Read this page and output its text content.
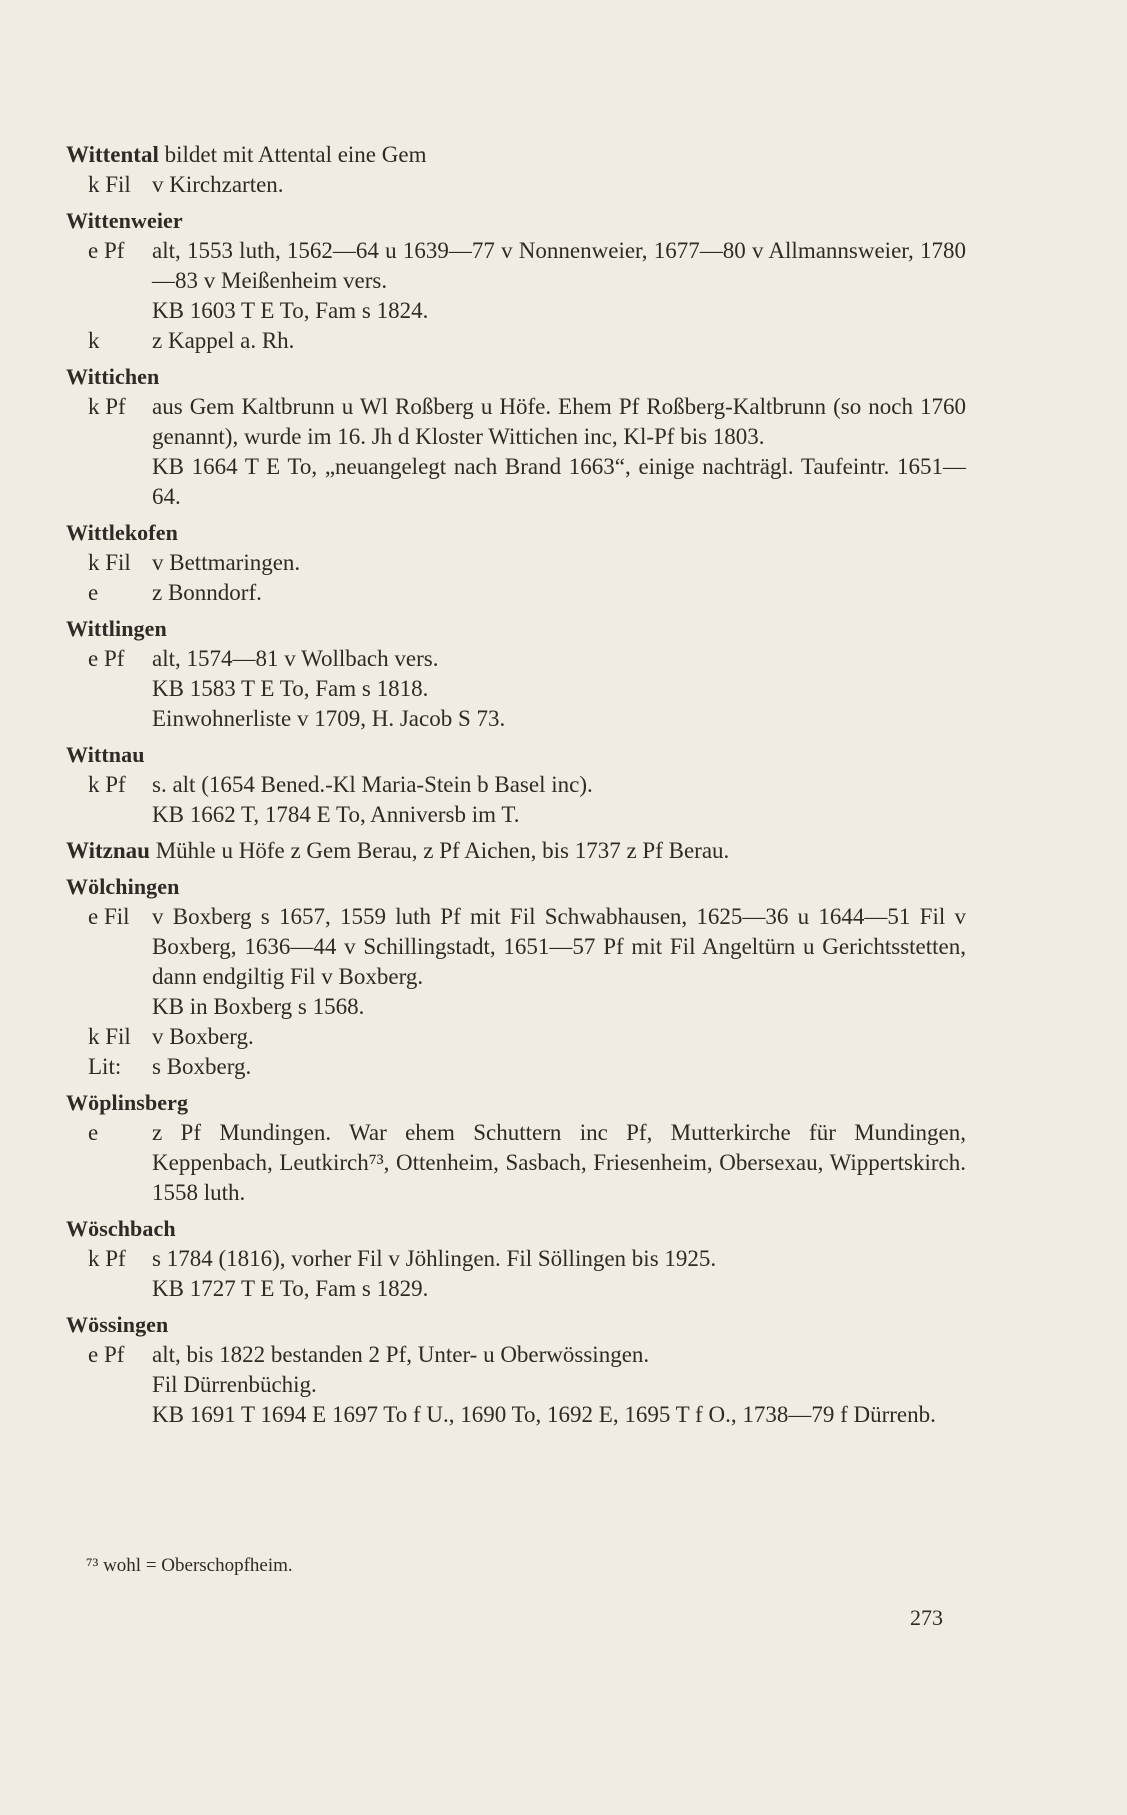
Wittental bildet mit Attental eine Gem
k Fil v Kirchzarten.
Wittenweier
e Pf	alt, 1553 luth, 1562—64 u 1639—77 v Nonnenweier, 1677—80 v Allmannsweier, 1780—83 v Meißenheim vers.
KB 1603 T E To, Fam s 1824.
k	z Kappel a. Rh.
Wittichen
k Pf	aus Gem Kaltbrunn u Wl Roßberg u Höfe. Ehem Pf Roßberg-Kaltbrunn (so noch 1760 genannt), wurde im 16. Jh d Kloster Wittichen inc, Kl-Pf bis 1803.
KB 1664 T E To, „neuangelegt nach Brand 1663“, einige nachträgl. Taufeintr. 1651—64.
Wittlekofen
k Fil v Bettmaringen.
e	z Bonndorf.
Wittlingen
e Pf	alt, 1574—81 v Wollbach vers.
KB 1583 T E To, Fam s 1818.
Einwohnerliste v 1709, H. Jacob S 73.
Wittnau
k Pf	s. alt (1654 Bened.-Kl Maria-Stein b Basel inc).
KB 1662 T, 1784 E To, Anniversb im T.
Witznau Mühle u Höfe z Gem Berau, z Pf Aichen, bis 1737 z Pf Berau.
Wölchingen
e Fil v Boxberg s 1657, 1559 luth Pf mit Fil Schwabhausen, 1625—36 u 1644—51 Fil v Boxberg, 1636—44 v Schillingstadt, 1651—57 Pf mit Fil Angeltürn u Gerichtsstetten, dann endgiltig Fil v Boxberg.
KB in Boxberg s 1568.
k Fil v Boxberg.
Lit:	s Boxberg.
Wöplinsberg
e	z Pf Mundingen. War ehem Schuttern inc Pf, Mutterkirche für Mundingen, Keppenbach, Leutkirch⁷³, Ottenheim, Sasbach, Friesenheim, Obersexau, Wippertskirch. 1558 luth.
Wöschbach
k Pf	s 1784 (1816), vorher Fil v Jöhlingen. Fil Söllingen bis 1925.
KB 1727 T E To, Fam s 1829.
Wössingen
e Pf	alt, bis 1822 bestanden 2 Pf, Unter- u Oberwössingen.
Fil Dürrenbüchig.
KB 1691 T 1694 E 1697 To f U., 1690 To, 1692 E, 1695 T f O., 1738—79 f Dürrenb.
⁷³ wohl = Oberschopfheim.
273
